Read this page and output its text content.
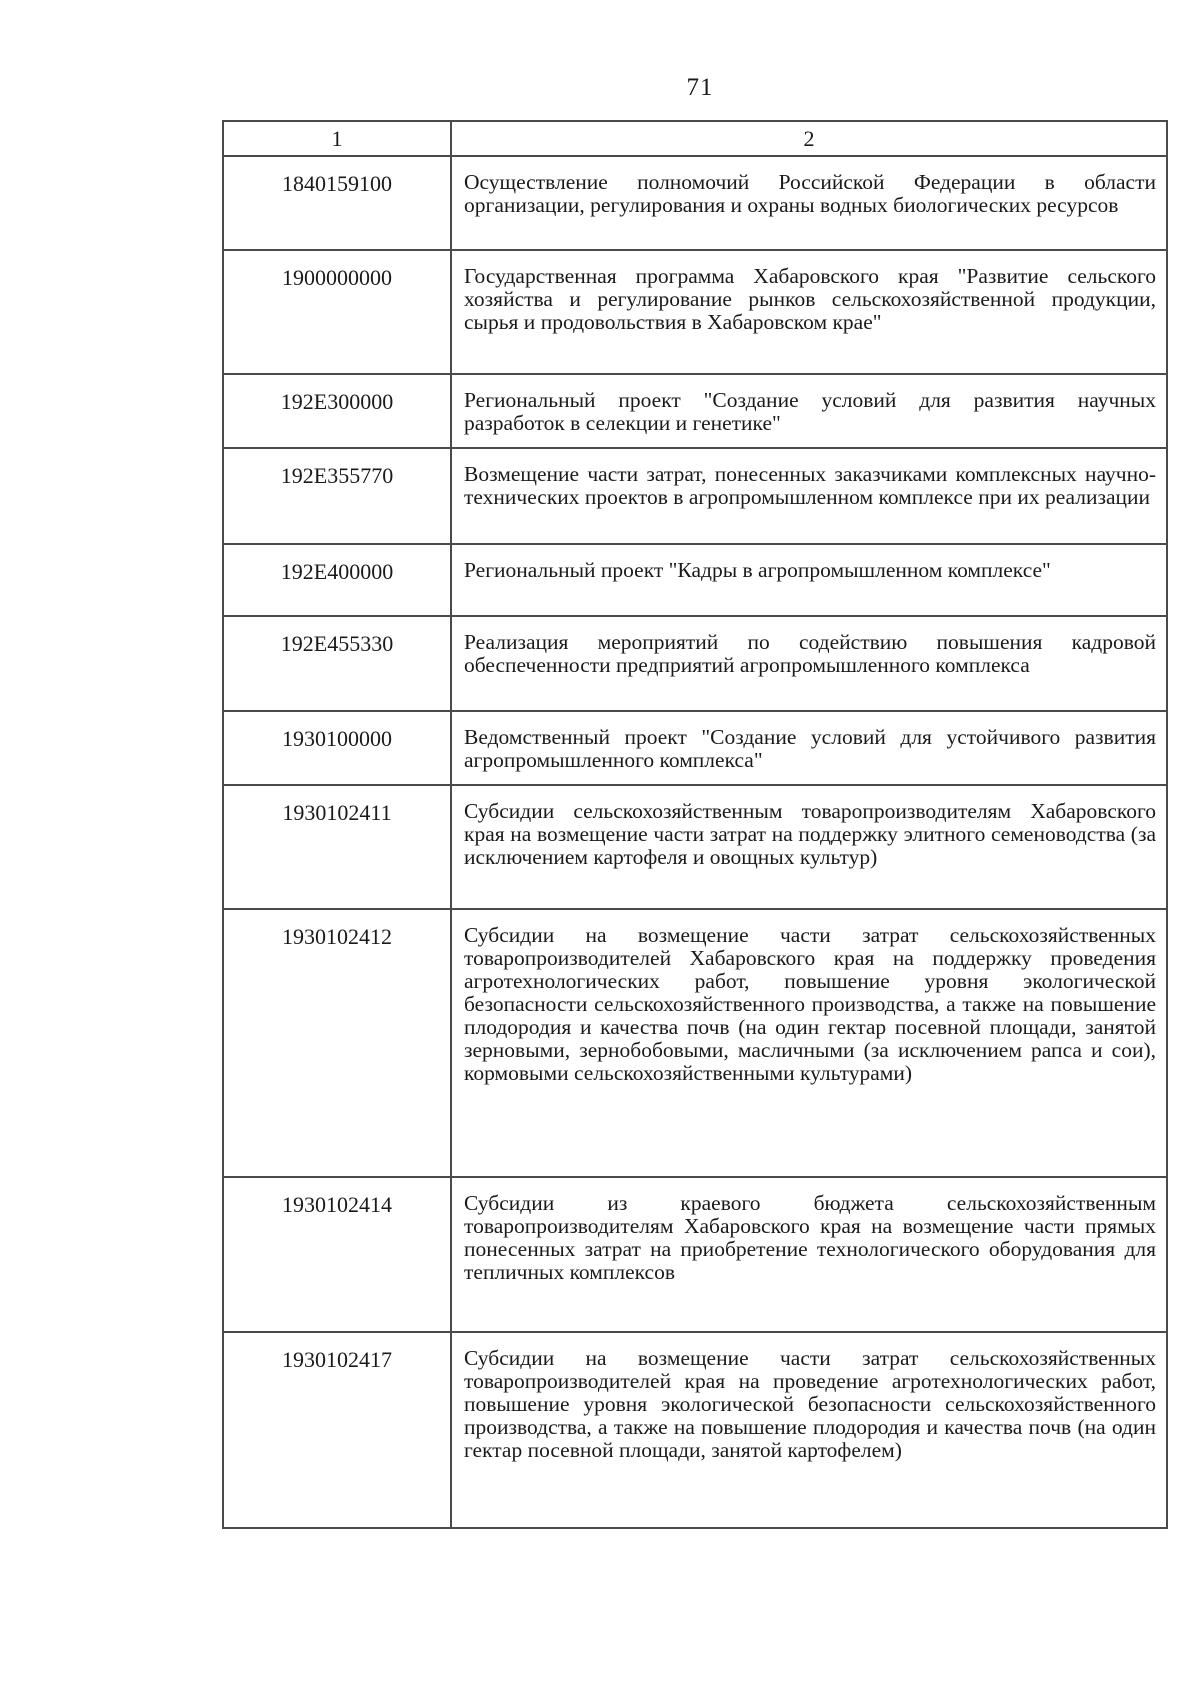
71
1	2
1840159100	Осуществление полномочий Российской Федерации в области организации, регулирования и охраны водных биологических ресурсов
1900000000	Государственная программа Хабаровского края "Развитие сельского хозяйства и регулирование рынков сельскохозяйственной продукции, сырья и продовольствия в Хабаровском крае"
192E300000	Региональный проект "Создание условий для развития научных разработок в селекции и генетике"
192E355770	Возмещение части затрат, понесенных заказчиками комплексных научно-технических проектов в агропромышленном комплексе при их реализации
192E400000	Региональный проект "Кадры в агропромышленном комплексе"
192E455330	Реализация мероприятий по содействию повышения кадровой обеспеченности предприятий агропромышленного комплекса
1930100000	Ведомственный проект "Создание условий для устойчивого развития агропромышленного комплекса"
1930102411	Субсидии сельскохозяйственным товаропроизводителям Хабаровского края на возмещение части затрат на поддержку элитного семеноводства (за исключением картофеля и овощных культур)
1930102412	Субсидии на возмещение части затрат сельскохозяйственных товаропроизводителей Хабаровского края на поддержку проведения агротехнологических работ, повышение уровня экологической безопасности сельскохозяйственного производства, а также на повышение плодородия и качества почв (на один гектар посевной площади, занятой зерновыми, зернобобовыми, масличными (за исключением рапса и сои), кормовыми сельскохозяйственными культурами)
1930102414	Субсидии из краевого бюджета сельскохозяйственным товаропроизводителям Хабаровского края на возмещение части прямых понесенных затрат на приобретение технологического оборудования для тепличных комплексов
1930102417	Субсидии на возмещение части затрат сельскохозяйственных товаропроизводителей края на проведение агротехнологических работ, повышение уровня экологической безопасности сельскохозяйственного производства, а также на повышение плодородия и качества почв (на один гектар посевной площади, занятой картофелем)
